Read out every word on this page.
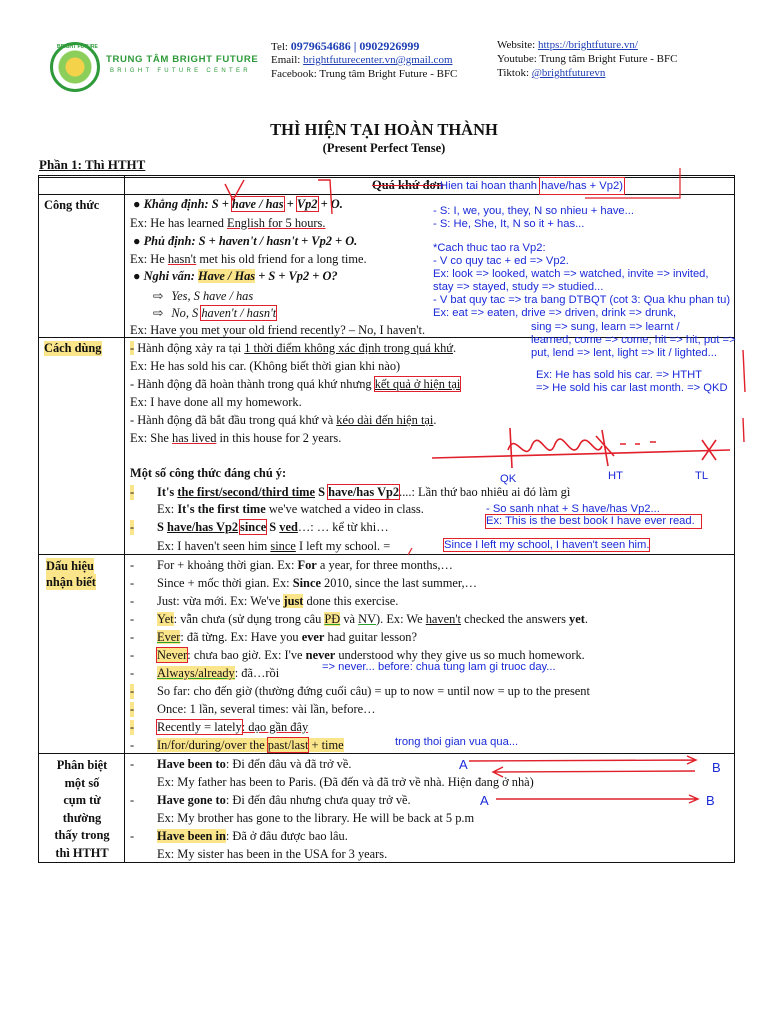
BRIGHT FUTURE
TRUNG TÂM BRIGHT FUTURE
BRIGHT FUTURE CENTER
Tel: 0979654686 | 0902926999
Email: brightfuturecenter.vn@gmail.com
Facebook: Trung tâm Bright Future - BFC
Website: https://brightfuture.vn/
Youtube: Trung tâm Bright Future - BFC
Tiktok: @brightfuturevn
THÌ HIỆN TẠI HOÀN THÀNH
(Present Perfect Tense)
Phần 1: Thì HTHT
Quá khứ đơn
Công thức	● Khẳng định: S + have / has + Vp2 + O.
Ex: He has learned English for 5 hours.
● Phủ định: S + haven't / hasn't + Vp2 + O.
Ex: He hasn't met his old friend for a long time.
● Nghi vấn: Have / Has + S + Vp2 + O?
⇨ Yes, S have / has
⇨ No, S haven't / hasn't
Ex: Have you met your old friend recently? – No, I haven't.
Cách dùng - Hành động xảy ra tại 1 thời điểm không xác định trong quá khứ.
Ex: He has sold his car. (Không biết thời gian khi nào)
- Hành động đã hoàn thành trong quá khứ nhưng kết quả ở hiện tại
Ex: I have done all my homework.
- Hành động đã bắt đầu trong quá khứ và kéo dài đến hiện tại.
Ex: She has lived in this house for 2 years.
Một số công thức đáng chú ý:
- It's the first/second/third time S have/has Vp2....: Lần thứ bao nhiêu ai đó làm gì
Ex: It's the first time we've watched a video in class.
- S have/has Vp2 since S ved…: … kể từ khi…
Ex: I haven't seen him since I left my school. =
Dấu hiệu
nhận biết
- For + khoảng thời gian. Ex: For a year, for three months,…
- Since + mốc thời gian. Ex: Since 2010, since the last summer,…
- Just: vừa mới. Ex: We've just done this exercise.
- Yet: vẫn chưa (sử dụng trong câu PĐ và NV). Ex: We haven't checked the answers yet.
- Ever: đã từng. Ex: Have you ever had guitar lesson?
- Never: chưa bao giờ. Ex: I've never understood why they give us so much homework.
- Always/already: đã…rồi
- So far: cho đến giờ (thường đứng cuối câu) = up to now = until now = up to the present
- Once: 1 lần, several times: vài lần, before…
- Recently = lately: dạo gần đây
- In/for/during/over the past/last + time
Phân biệt
một số
cụm từ
thường
thấy trong
thì HTHT
- Have been to: Đi đến đâu và đã trở về.
Ex: My father has been to Paris. (Đã đến và đã trở về nhà. Hiện đang ở nhà)
- Have gone to: Đi đến đâu nhưng chưa quay trở về.
Ex: My brother has gone to the library. He will be back at 5 p.m
- Have been in: Đã ở đâu được bao lâu.
Ex: My sister has been in the USA for 3 years.
Hien tai hoan thanh have/has + Vp2)
- S: I, we, you, they, N so nhieu + have...
- S: He, She, It, N so it + has...
*Cach thuc tao ra Vp2:
- V co quy tac + ed => Vp2.
Ex: look => looked, watch => watched, invite => invited,
stay => stayed, study => studied...
- V bat quy tac => tra bang DTBQT (cot 3: Qua khu phan tu)
Ex: eat => eaten, drive => driven, drink => drunk,
sing => sung, learn => learnt /
learned, come => come, hit => hit, put =>
put, lend => lent, light => lit / lighted...
Ex: He has sold his car. => HTHT
=> He sold his car last month. => QKD
QK	HT	TL
- So sanh nhat + S have/has Vp2...
Ex: This is the best book I have ever read.
Since I left my school, I haven't seen him.
=> never... before: chua tung lam gi truoc day...
trong thoi gian vua qua...
A	B
A	B
